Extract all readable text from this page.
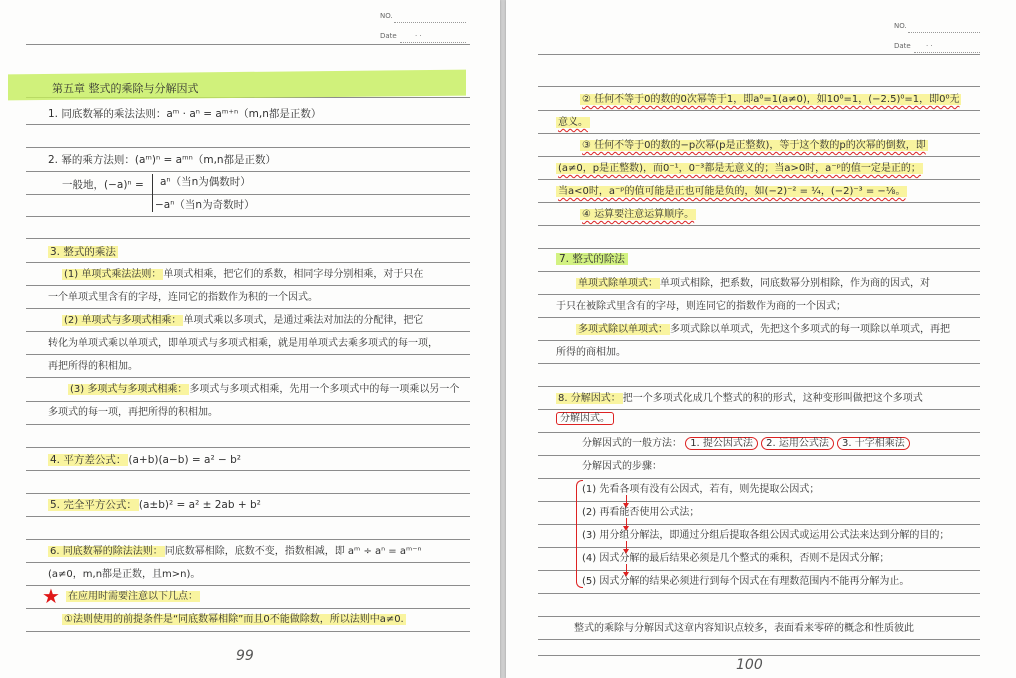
NO.
Date	· ·
第五章 整式的乘除与分解因式
1. 同底数幂的乘法法则：aᵐ · aⁿ = aᵐ⁺ⁿ（m,n都是正数）
2. 幂的乘方法则：(aᵐ)ⁿ = aᵐⁿ（m,n都是正数）
一般地，(−a)ⁿ = aⁿ（当n为偶数时）
−aⁿ（当n为奇数时）
3. 整式的乘法
(1) 单项式乘法法则： 单项式相乘，把它们的系数，相同字母分别相乘，对于只在
一个单项式里含有的字母，连同它的指数作为积的一个因式。
(2) 单项式与多项式相乘： 单项式乘以多项式，是通过乘法对加法的分配律，把它
转化为单项式乘以单项式，即单项式与多项式相乘，就是用单项式去乘多项式的每一项，
再把所得的积相加。
(3) 多项式与多项式相乘： 多项式与多项式相乘，先用一个多项式中的每一项乘以另一个
多项式的每一项，再把所得的积相加。
4. 平方差公式： (a+b)(a−b) = a² − b²
5. 完全平方公式： (a±b)² = a² ± 2ab + b²
6. 同底数幂的除法法则： 同底数幂相除，底数不变，指数相减，即 aᵐ ÷ aⁿ = aᵐ⁻ⁿ
(a≠0，m,n都是正数，且m>n)。
★ 在应用时需要注意以下几点：
①法则使用的前提条件是“同底数幂相除”而且0不能做除数，所以法则中a≠0.
99
NO.
Date · ·
② 任何不等于0的数的0次幂等于1，即a⁰=1(a≠0)，如10⁰=1，(−2.5)⁰=1，即0⁰无
意义。
③ 任何不等于0的数的−p次幂(p是正整数)，等于这个数的p的次幂的倒数，即
(a≠0，p是正整数)，而0⁻¹，0⁻³都是无意义的；当a>0时，a⁻ᵖ的值一定是正的；
当a<0时，a⁻ᵖ的值可能是正也可能是负的，如(−2)⁻² = ¼，(−2)⁻³ = −⅛。
④ 运算要注意运算顺序。
7. 整式的除法
单项式除单项式： 单项式相除，把系数，同底数幂分别相除，作为商的因式，对
于只在被除式里含有的字母，则连同它的指数作为商的一个因式；
多项式除以单项式： 多项式除以单项式，先把这个多项式的每一项除以单项式，再把
所得的商相加。
8. 分解因式： 把一个多项式化成几个整式的积的形式，这种变形叫做把这个多项式
分解因式。
分解因式的一般方法： 1. 提公因式法 2. 运用公式法 3. 十字相乘法
分解因式的步骤：
(1) 先看各项有没有公因式，若有，则先提取公因式；
(2) 再看能否使用公式法；
(3) 用分组分解法，即通过分组后提取各组公因式或运用公式法来达到分解的目的；
(4) 因式分解的最后结果必须是几个整式的乘积，否则不是因式分解；
(5) 因式分解的结果必须进行到每个因式在有理数范围内不能再分解为止。
整式的乘除与分解因式这章内容知识点较多，表面看来零碎的概念和性质彼此
100
